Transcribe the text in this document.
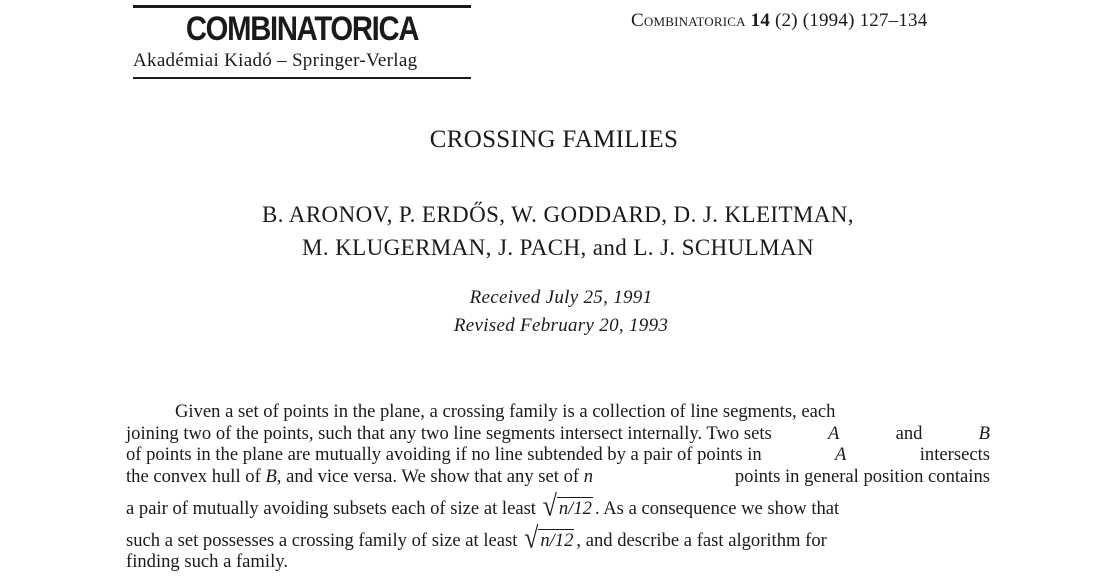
COMBINATORICA
Akadémiai Kiadó – Springer-Verlag
Combinatorica 14 (2) (1994) 127–134
CROSSING FAMILIES
B. ARONOV, P. ERDŐS, W. GODDARD, D. J. KLEITMAN,
M. KLUGERMAN, J. PACH, and L. J. SCHULMAN
Received July 25, 1991
Revised February 20, 1993
Given a set of points in the plane, a crossing family is a collection of line segments, each
joining two of the points, such that any two line segments intersect internally. Two sets	A	and	B
of points in the plane are mutually avoiding if no line subtended by a pair of points in	A	intersects
the convex hull of B, and vice versa. We show that any set of n	points in general position contains
a pair of mutually avoiding subsets each of size at least
√ n/12 . As a consequence we show that
such a set possesses a crossing family of size at least
√ n/12 , and describe a fast algorithm for
finding such a family.
